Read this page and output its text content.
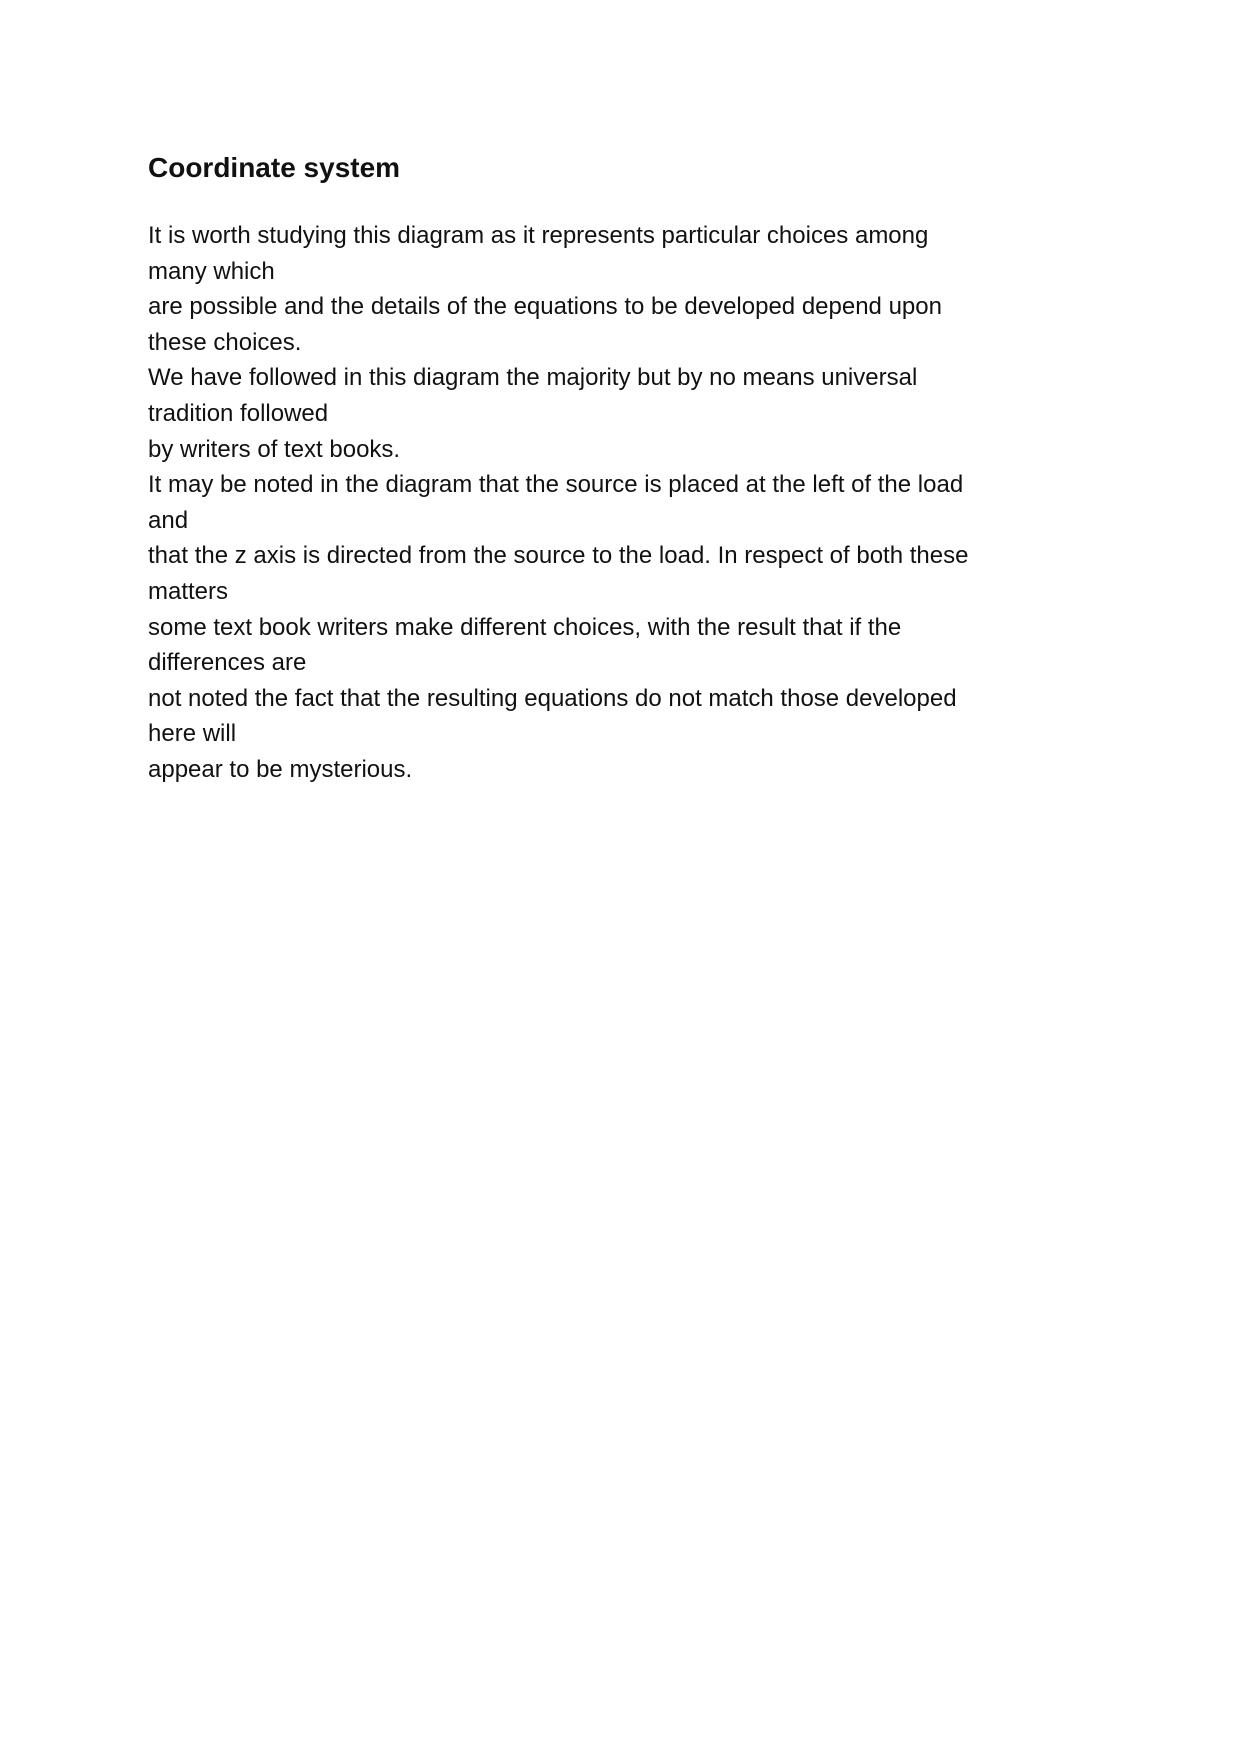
Coordinate system
It is worth studying this diagram as it represents particular choices among
many which
are possible and the details of the equations to be developed depend upon
these choices.
We have followed in this diagram the majority but by no means universal
tradition followed
by writers of text books.
It may be noted in the diagram that the source is placed at the left of the load
and
that the z axis is directed from the source to the load. In respect of both these
matters
some text book writers make different choices, with the result that if the
differences are
not noted the fact that the resulting equations do not match those developed
here will
appear to be mysterious.
